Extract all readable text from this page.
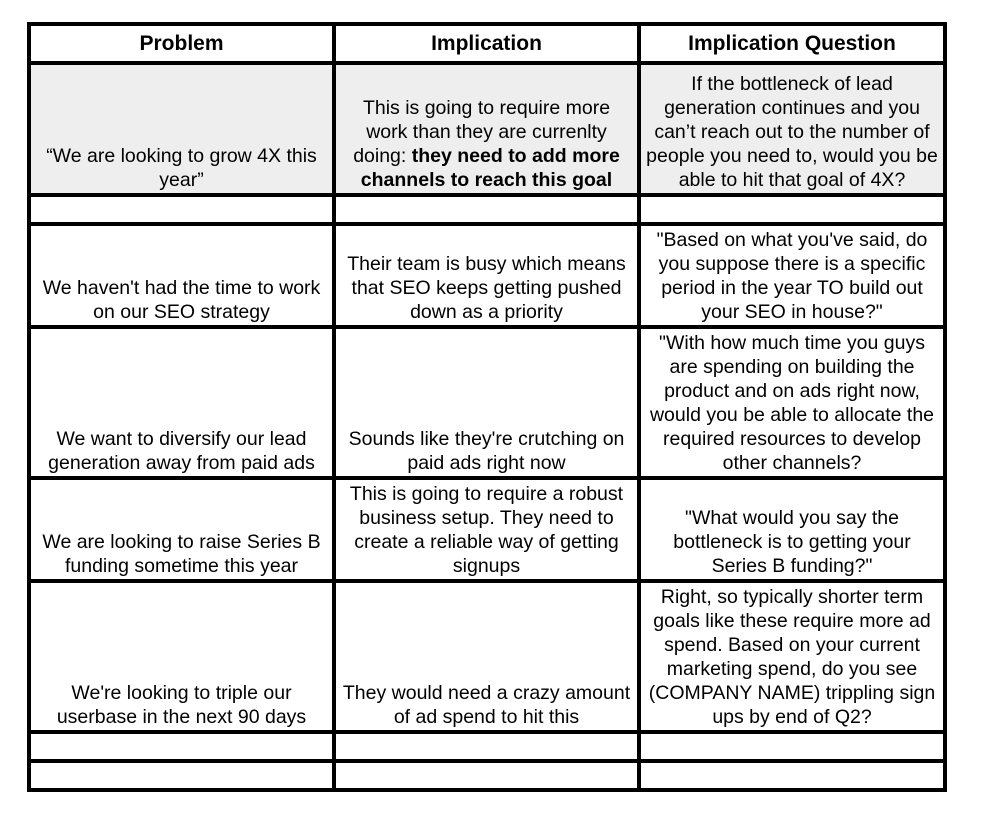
Problem	Implication	Implication Question
“We are looking to grow 4X this year”	This is going to require more work than they are currenlty doing: they need to add more channels to reach this goal	If the bottleneck of lead generation continues and you can’t reach out to the number of people you need to, would you be able to hit that goal of 4X?

We haven't had the time to work on our SEO strategy	Their team is busy which means that SEO keeps getting pushed down as a priority	"Based on what you've said, do you suppose there is a specific period in the year TO build out your SEO in house?"
We want to diversify our lead generation away from paid ads	Sounds like they're crutching on paid ads right now	"With how much time you guys are spending on building the product and on ads right now, would you be able to allocate the required resources to develop other channels?
We are looking to raise Series B funding sometime this year	This is going to require a robust business setup. They need to create a reliable way of getting signups	"What would you say the bottleneck is to getting your Series B funding?"
We're looking to triple our userbase in the next 90 days	They would need a crazy amount of ad spend to hit this	Right, so typically shorter term goals like these require more ad spend. Based on your current marketing spend, do you see (COMPANY NAME) trippling sign ups by end of Q2?
